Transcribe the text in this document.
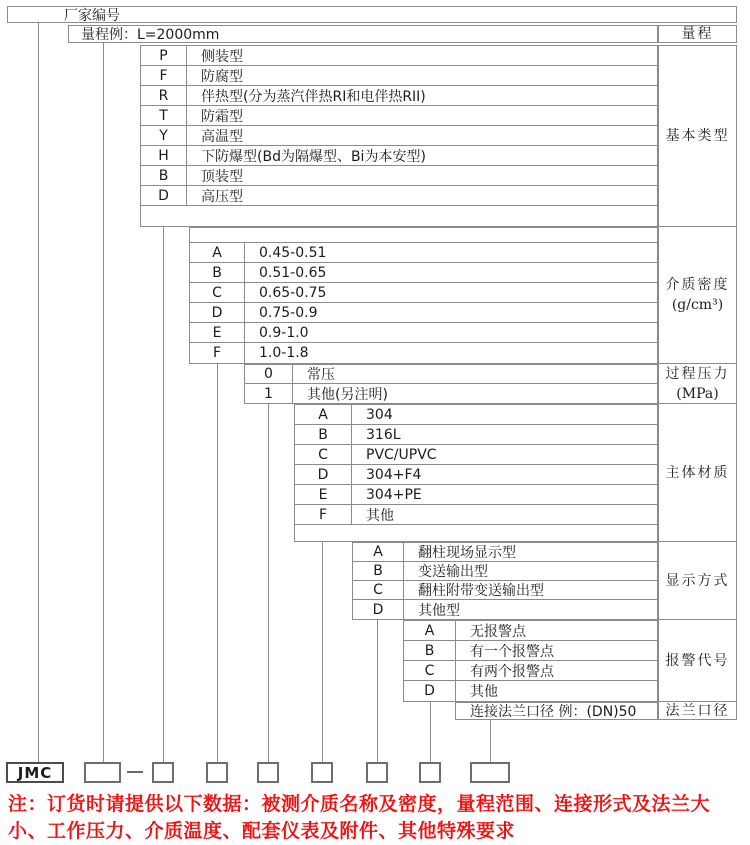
厂家编号
量程例：L=2000mm
P	侧装型
F	防腐型
R	伴热型(分为蒸汽伴热RI和电伴热RII)
T	防霜型
Y	高温型
H	下防爆型(Bd为隔爆型、Bi为本安型)
B	顶装型
D	高压型
A	0.45-0.51
B	0.51-0.65
C	0.65-0.75
D	0.75-0.9
E	0.9-1.0
F	1.0-1.8
0	常压
1	其他(另注明)
A	304
B	316L
C	PVC/UPVC
D	304+F4
E	304+PE
F	其他
A	翻柱现场显示型
B	变送输出型
C	翻柱附带变送输出型
D	其他型
A	无报警点
B	有一个报警点
C	有两个报警点
D	其他
连接法兰口径 例：(DN)50
量程
基本类型
介质密度
(g/cm³)
过程压力
(MPa)
主体材质
显示方式
报警代号
法兰口径
JMC
注：订货时请提供以下数据：被测介质名称及密度，量程范围、连接形式及法兰大小、工作压力、介质温度、配套仪表及附件、其他特殊要求
